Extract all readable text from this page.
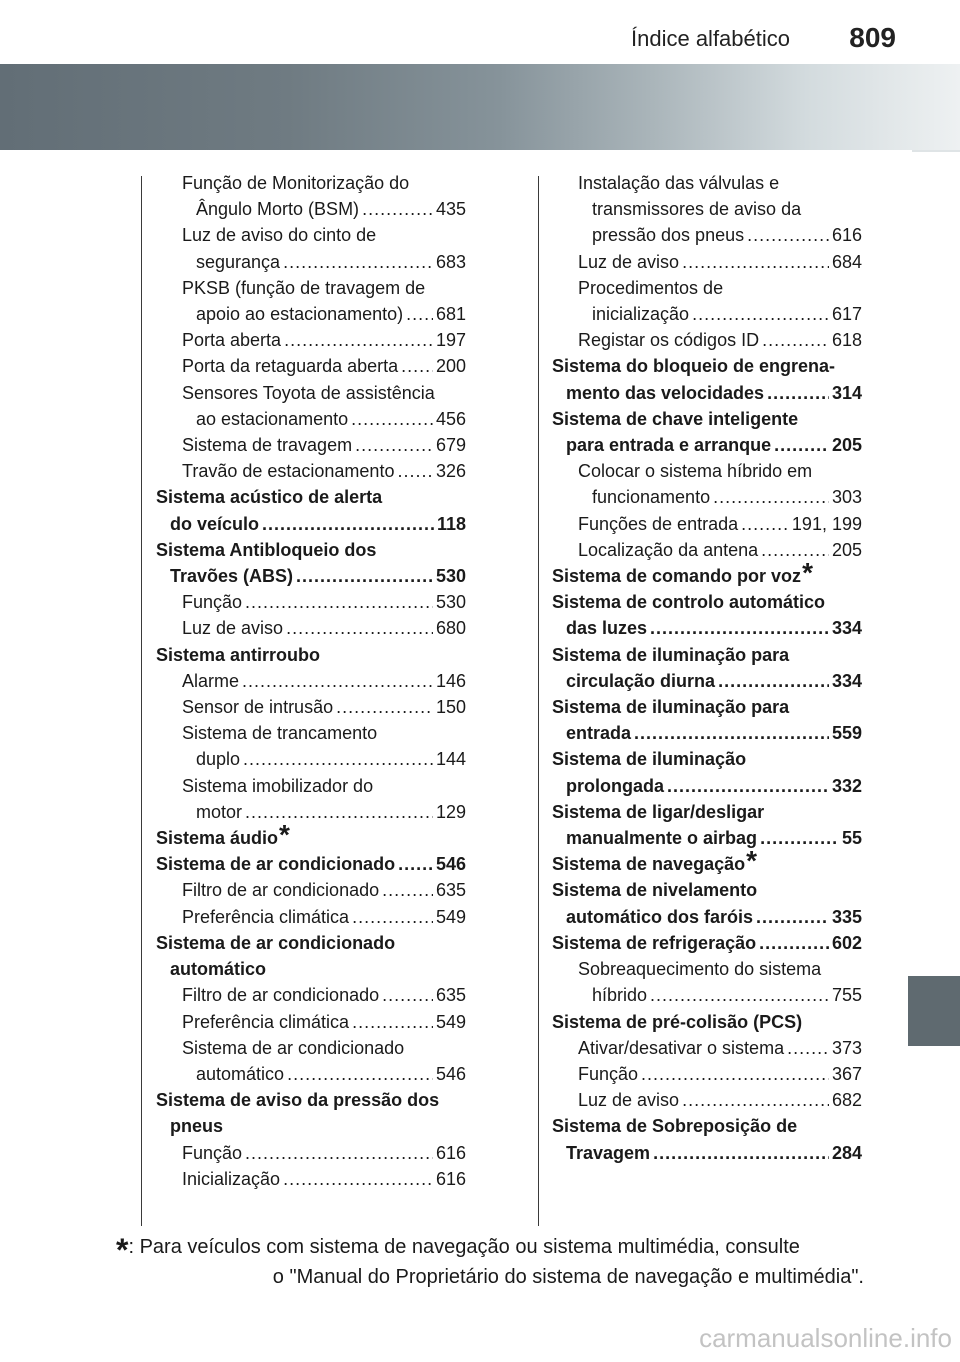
Índice alfabético 809
Função de Monitorização do
Ângulo Morto (BSM) .....	435
Luz de aviso do cinto de
segurança .....	683
PKSB (função de travagem de
apoio ao estacionamento) ..... 681
Porta aberta .....	197
Porta da retaguarda aberta ..... 200
Sensores Toyota de assistência
ao estacionamento .....	456
Sistema de travagem .....	679
Travão de estacionamento ..... 326
Sistema acústico de alerta
do veículo .....	118
Sistema Antibloqueio dos
Travões (ABS) .....	530
Função .....	530
Luz de aviso .....	680
Sistema antirroubo
Alarme .....	146
Sensor de intrusão .....	150
Sistema de trancamento
duplo .....	144
Sistema imobilizador do
motor .....	129
Sistema áudio *
Sistema de ar condicionado ..... 546
Filtro de ar condicionado .....	635
Preferência climática .....	549
Sistema de ar condicionado
automático
Filtro de ar condicionado .....	635
Preferência climática .....	549
Sistema de ar condicionado
automático .....	546
Sistema de aviso da pressão dos
pneus
Função .....	616
Inicialização .....	616
Instalação das válvulas e
transmissores de aviso da
pressão dos pneus .....	616
Luz de aviso .....	684
Procedimentos de
inicialização .....	617
Registar os códigos ID .....	618
Sistema do bloqueio de engrena-
mento das velocidades .....	314
Sistema de chave inteligente
para entrada e arranque .....	205
Colocar o sistema híbrido em
funcionamento .....	303
Funções de entrada .....	191, 199
Localização da antena .....	205
Sistema de comando por voz *
Sistema de controlo automático
das luzes .....	334
Sistema de iluminação para
circulação diurna .....	334
Sistema de iluminação para
entrada .....	559
Sistema de iluminação
prolongada .....	332
Sistema de ligar/desligar
manualmente o airbag .....	55
Sistema de navegação *
Sistema de nivelamento
automático dos faróis .....	335
Sistema de refrigeração .....	602
Sobreaquecimento do sistema
híbrido .....	755
Sistema de pré-colisão (PCS)
Ativar/desativar o sistema .....	373
Função .....	367
Luz de aviso .....	682
Sistema de Sobreposição de
Travagem .....	284
*: Para veículos com sistema de navegação ou sistema multimédia, consulte
o "Manual do Proprietário do sistema de navegação e multimédia".
carmanualsonline.info
